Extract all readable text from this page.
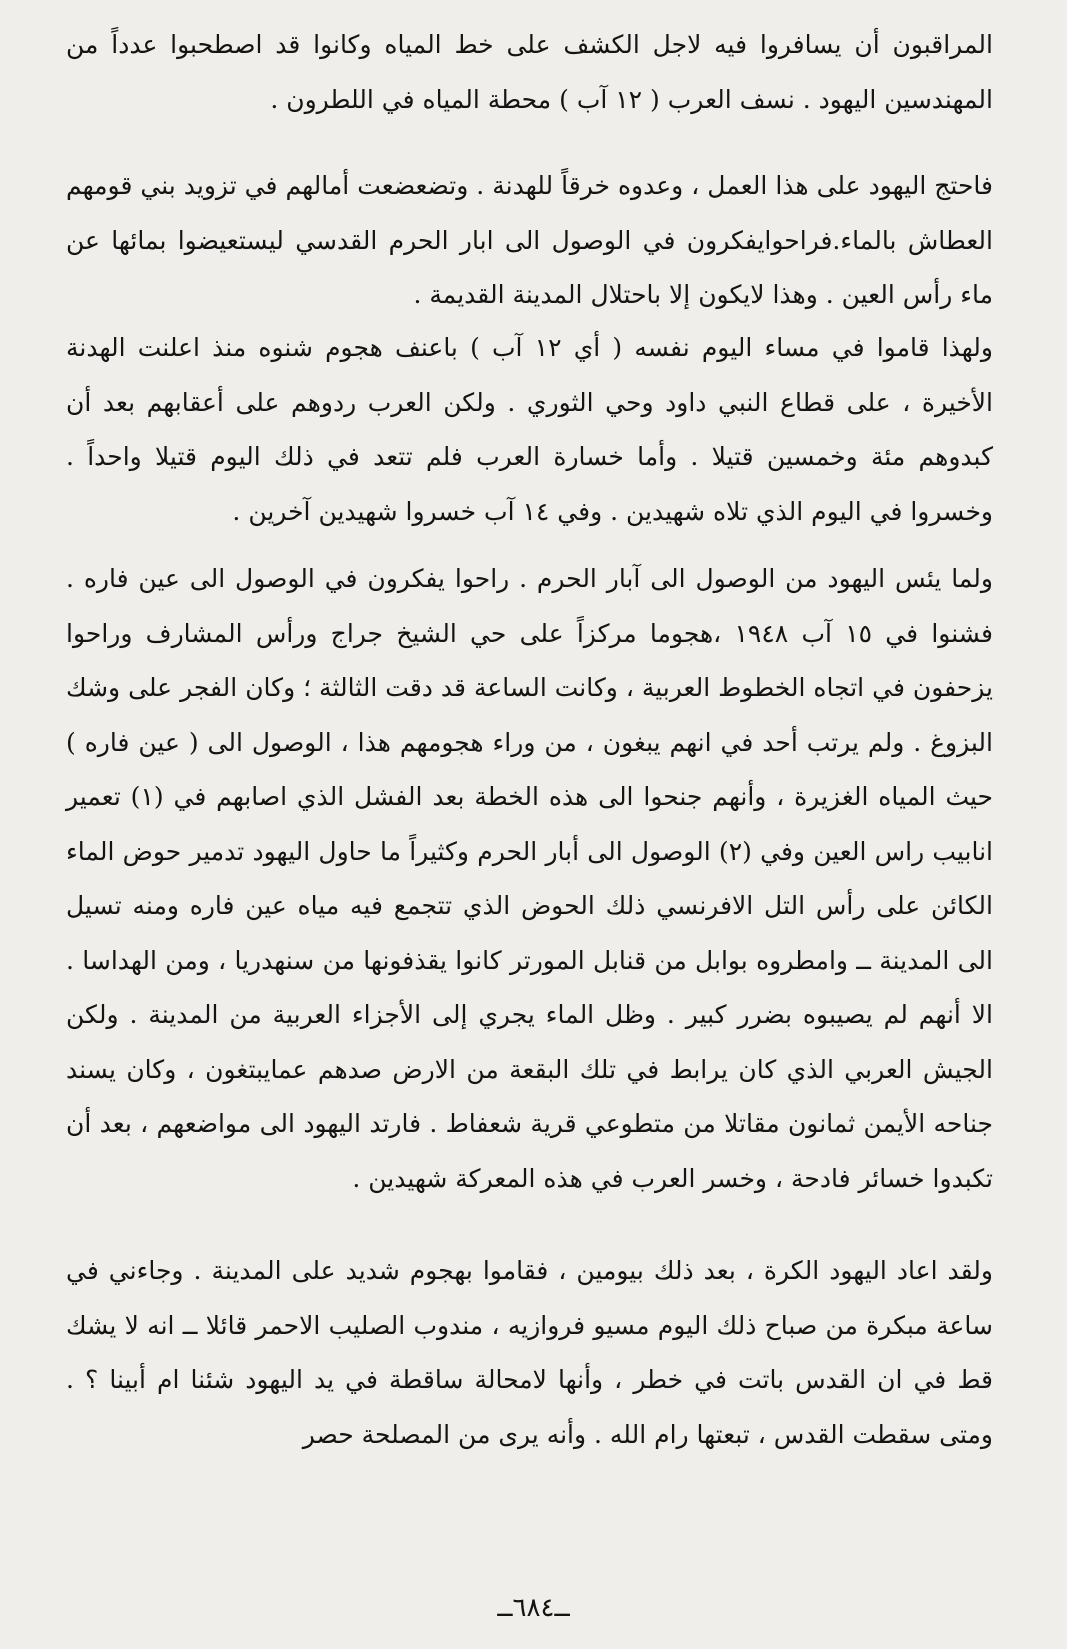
المراقبون أن يسافروا فيه لاجل الكشف على خط المياه وكانوا قد اصطحبوا عدداً من المهندسين اليهود . نسف العرب ( ١٢ آب ) محطة المياه في اللطرون .

فاحتج اليهود على هذا العمل ، وعدوه خرقاً للهدنة . وتضعضعت أمالهم في تزويد بني قومهم العطاش بالماء.فراحوايفكرون في الوصول الى ابار الحرم القدسي ليستعيضوا بمائها عن ماء رأس العين . وهذا لايكون إلا باحتلال المدينة القديمة .

ولهذا قاموا في مساء اليوم نفسه ( أي ١٢ آب ) باعنف هجوم شنوه منذ اعلنت الهدنة الأخيرة ، على قطاع النبي داود وحي الثوري . ولكن العرب ردوهم على أعقابهم بعد أن كبدوهم مئة وخمسين قتيلا . وأما خسارة العرب فلم تتعد في ذلك اليوم قتيلا واحداً . وخسروا في اليوم الذي تلاه شهيدين . وفي ١٤ آب خسروا شهيدين آخرين .

ولما يئس اليهود من الوصول الى آبار الحرم . راحوا يفكرون في الوصول الى عين فاره . فشنوا في ١٥ آب ١٩٤٨ ،هجوما مركزاً على حي الشيخ جراج ورأس المشارف وراحوا يزحفون في اتجاه الخطوط العربية ، وكانت الساعة قد دقت الثالثة ؛ وكان الفجر على وشك البزوغ . ولم يرتب أحد في انهم يبغون ، من وراء هجومهم هذا ، الوصول الى ( عين فاره ) حيث المياه الغزيرة ، وأنهم جنحوا الى هذه الخطة بعد الفشل الذي اصابهم في (١) تعمير انابيب راس العين وفي (٢) الوصول الى أبار الحرم وكثيراً ما حاول اليهود تدمير حوض الماء الكائن على رأس التل الافرنسي ذلك الحوض الذي تتجمع فيه مياه عين فاره ومنه تسيل الى المدينة ــ وامطروه بوابل من قنابل المورتر كانوا يقذفونها من سنهدريا ، ومن الهداسا . الا أنهم لم يصيبوه بضرر كبير . وظل الماء يجري إلى الأجزاء العربية من المدينة . ولكن الجيش العربي الذي كان يرابط في تلك البقعة من الارض صدهم عمايبتغون ، وكان يسند جناحه الأيمن ثمانون مقاتلا من متطوعي قرية شعفاط . فارتد اليهود الى مواضعهم ، بعد أن تكبدوا خسائر فادحة ، وخسر العرب في هذه المعركة شهيدين .

ولقد اعاد اليهود الكرة ، بعد ذلك بيومين ، فقاموا بهجوم شديد على المدينة . وجاءني في ساعة مبكرة من صباح ذلك اليوم مسيو فروازيه ، مندوب الصليب الاحمر قائلا ــ انه لا يشك قط في ان القدس باتت في خطر ، وأنها لامحالة ساقطة في يد اليهود شئنا ام أبينا ؟ . ومتى سقطت القدس ، تبعتها رام الله . وأنه يرى من المصلحة حصر

ــ٦٨٤ــ
